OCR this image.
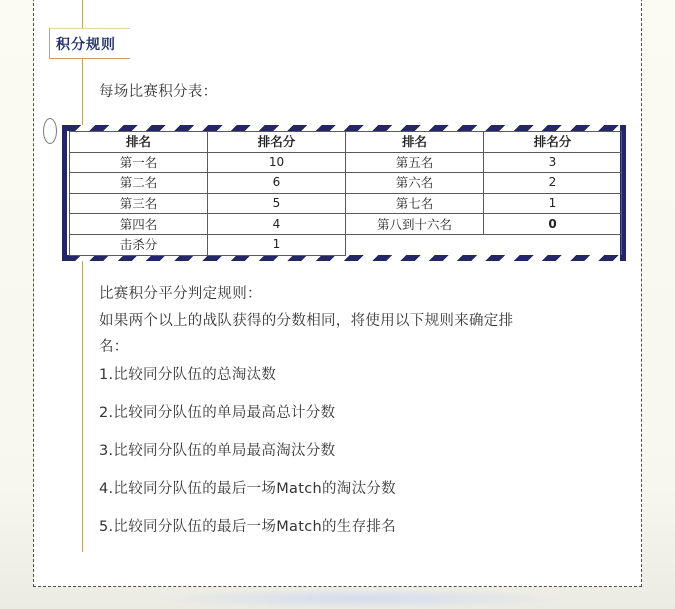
积分规则
每场比赛积分表：
排名	排名分	排名	排名分
第一名	10	第五名	3
第二名	6	第六名	2
第三名	5	第七名	1
第四名	4	第八到十六名	0
击杀分	1		
比赛积分平分判定规则：
如果两个以上的战队获得的分数相同，将使用以下规则来确定排
名：
1.比较同分队伍的总淘汰数
2.比较同分队伍的单局最高总计分数
3.比较同分队伍的单局最高淘汰分数
4.比较同分队伍的最后一场Match的淘汰分数
5.比较同分队伍的最后一场Match的生存排名
